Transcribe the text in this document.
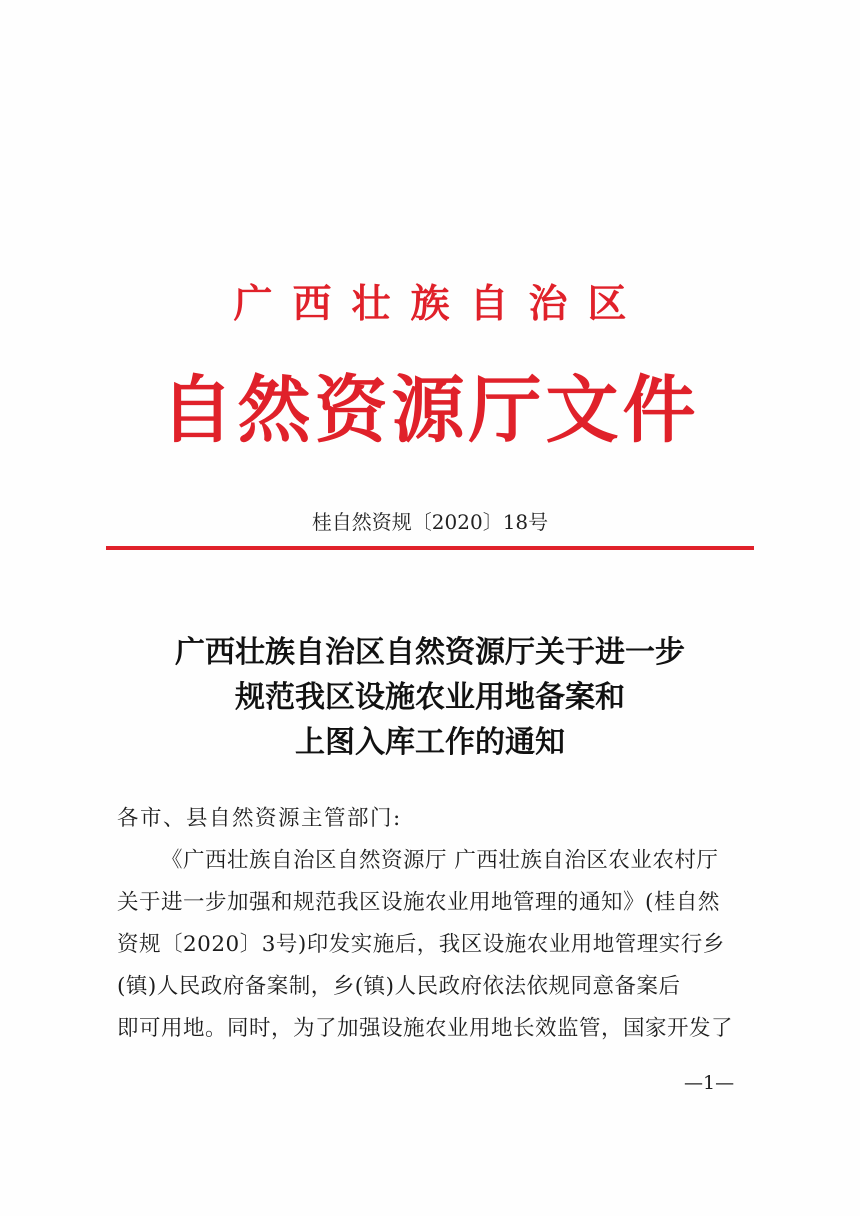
广西壮族自治区
自然资源厅文件
桂自然资规〔2020〕18号
广西壮族自治区自然资源厅关于进一步
规范我区设施农业用地备案和
上图入库工作的通知
各市、县自然资源主管部门:
《广西壮族自治区自然资源厅 广西壮族自治区农业农村厅
关于进一步加强和规范我区设施农业用地管理的通知》(桂自然
资规〔2020〕3号)印发实施后，我区设施农业用地管理实行乡
(镇)人民政府备案制，乡(镇)人民政府依法依规同意备案后
即可用地。同时，为了加强设施农业用地长效监管，国家开发了
—1—
